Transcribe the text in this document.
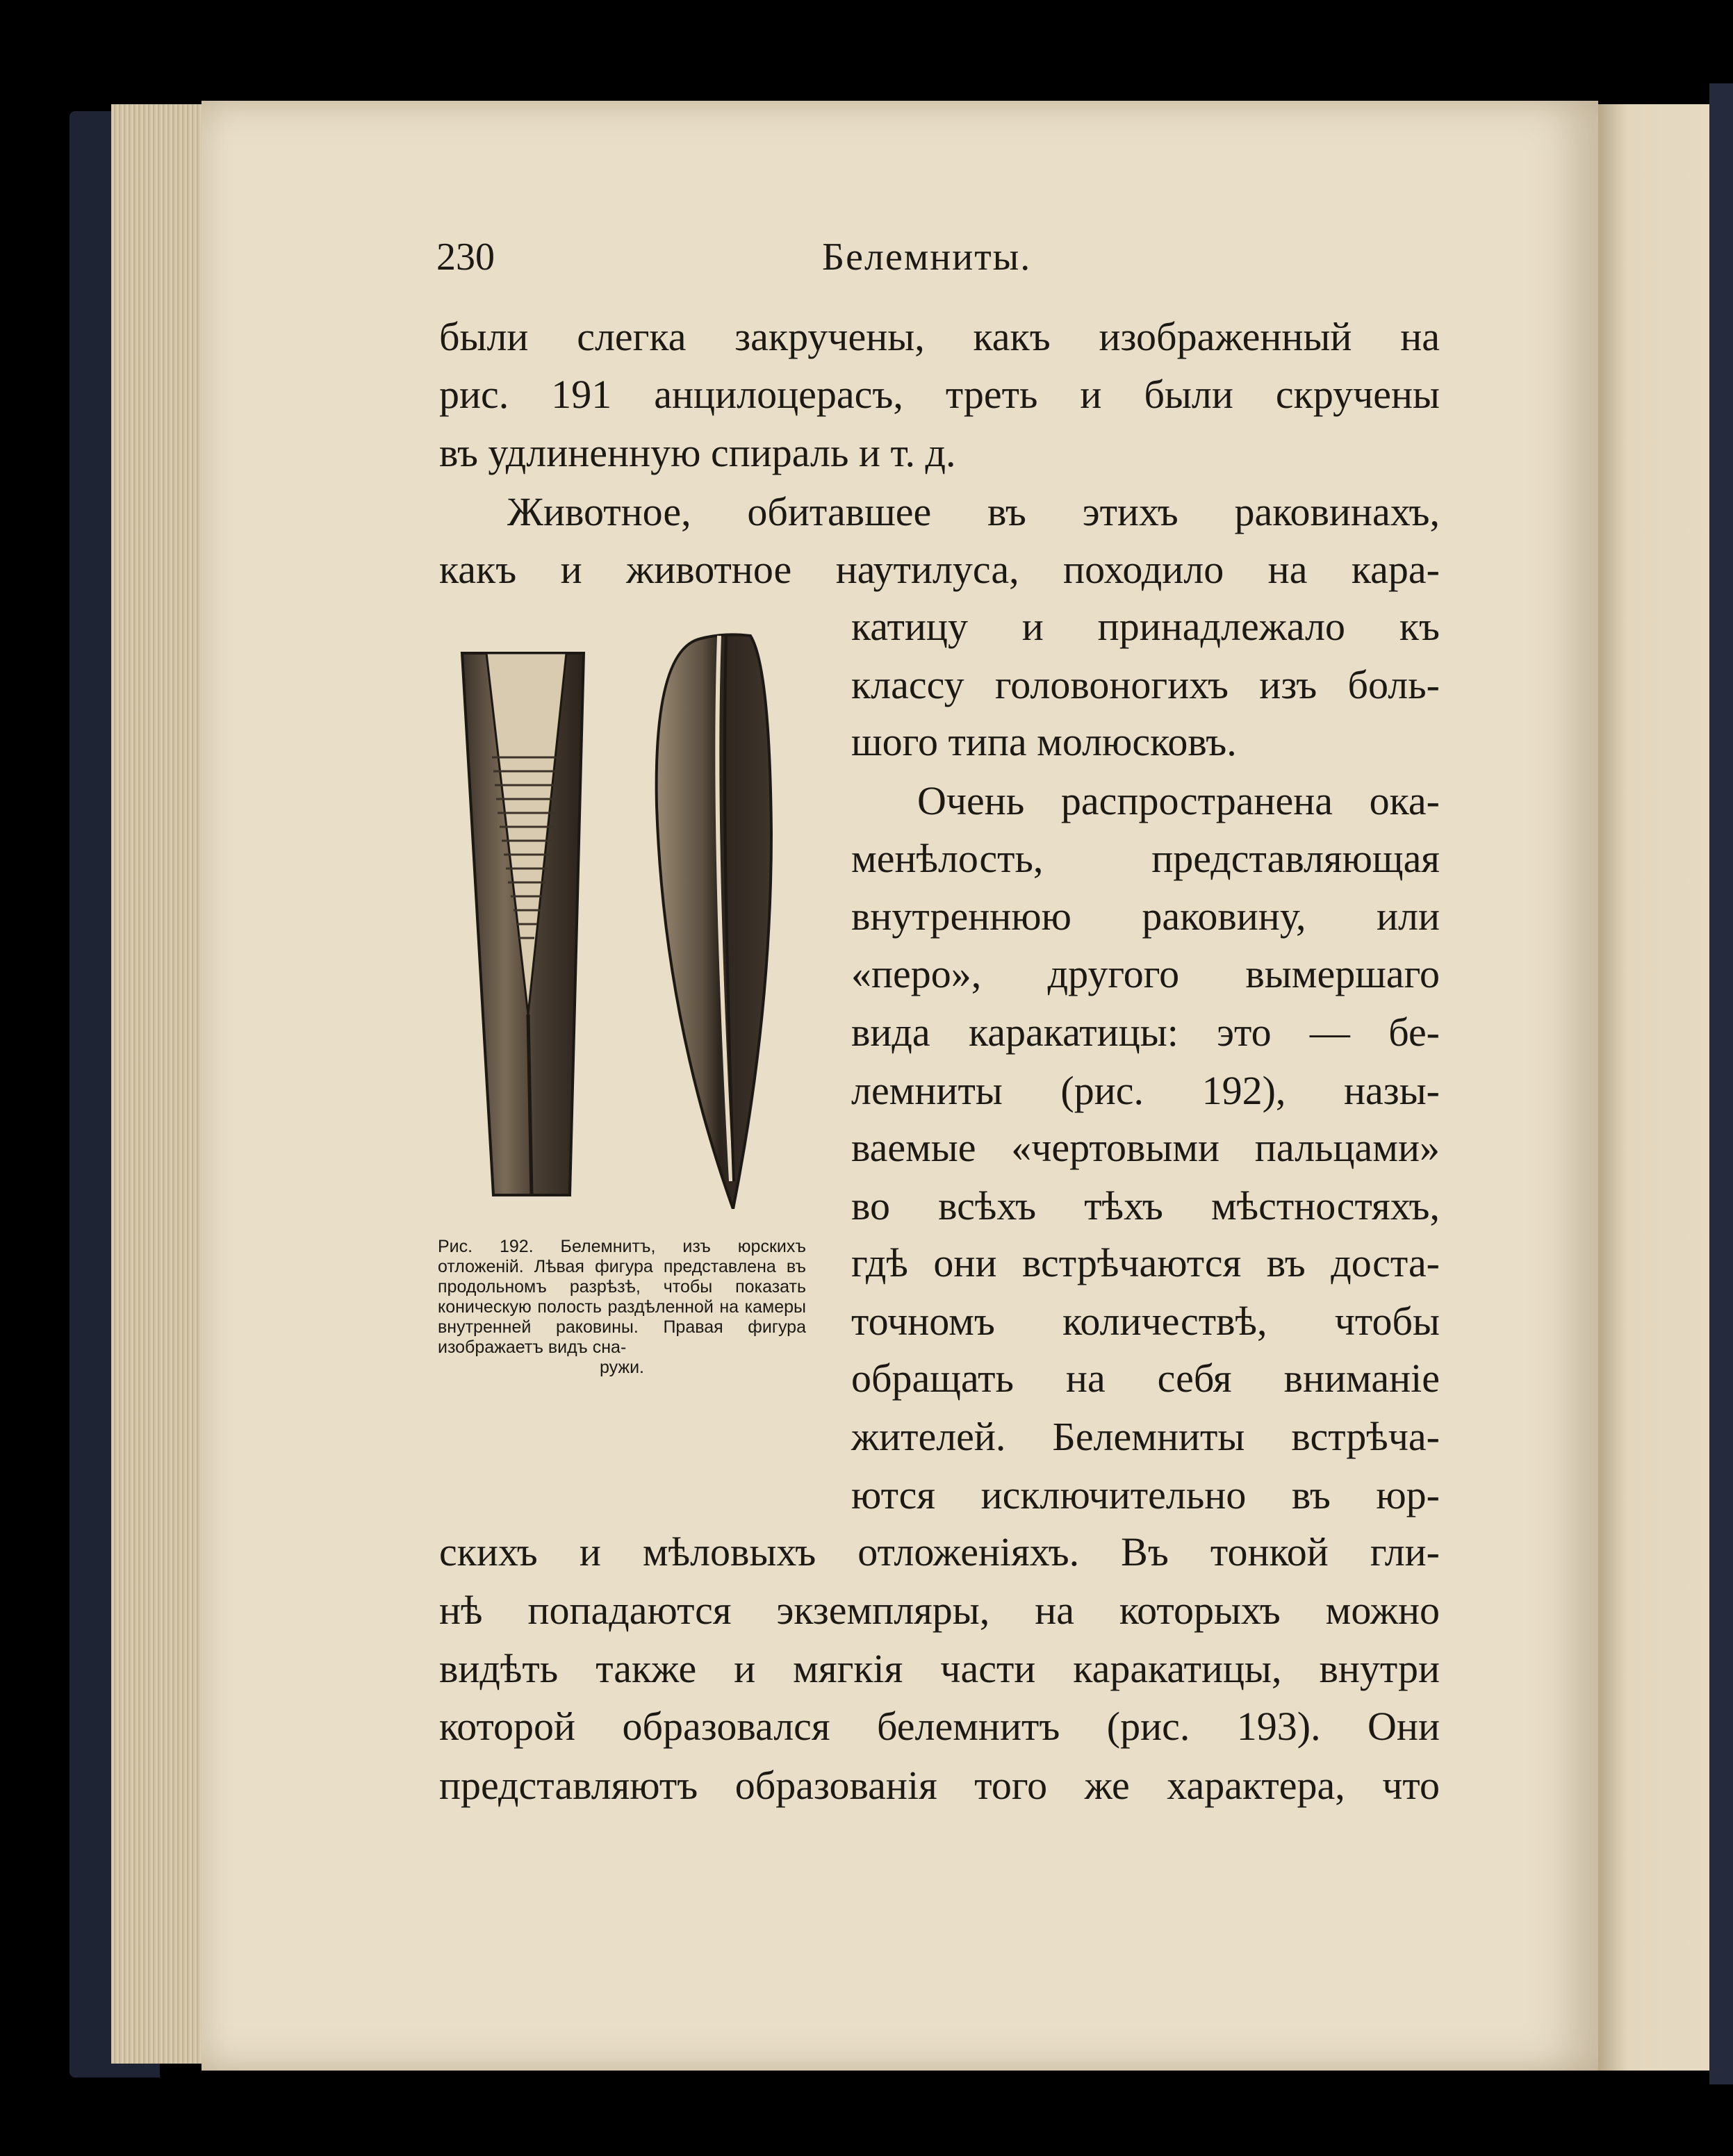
230	Белемниты.

были слегка закручены, какъ изображенный на

рис. 191 анцилоцерасъ, треть и были скручены

въ удлиненную спираль и т. д.

Животное, обитавшее въ этихъ раковинахъ,

какъ и животное наутилуса, походило на кара-

катицу и принадлежало къ

классу головоногихъ изъ боль-

шого типа молюсковъ.

Очень распространена ока-

менѣлость, представляющая

внутреннюю раковину, или

«перо», другого вымершаго

вида каракатицы: это — бе-

лемниты (рис. 192), назы-

ваемые «чертовыми пальцами»

во всѣхъ тѣхъ мѣстностяхъ,

гдѣ они встрѣчаются въ доста-

точномъ количествѣ, чтобы

обращать на себя вниманіе

жителей. Белемниты встрѣча-

ются исключительно въ юр-

скихъ и мѣловыхъ отложеніяхъ. Въ тонкой гли-

нѣ попадаются экземпляры, на которыхъ можно

видѣть также и мягкія части каракатицы, внутри

которой образовался белемнитъ (рис. 193). Они

представляютъ образованія того же характера, что

Рис. 192. Белемнитъ, изъ юрскихъ отложеній. Лѣвая фигура представлена въ продольномъ разрѣзѣ, чтобы показать коническую полость раздѣленной на камеры внутренней раковины. Правая фигура изображаетъ видъ сна-
ружи.
